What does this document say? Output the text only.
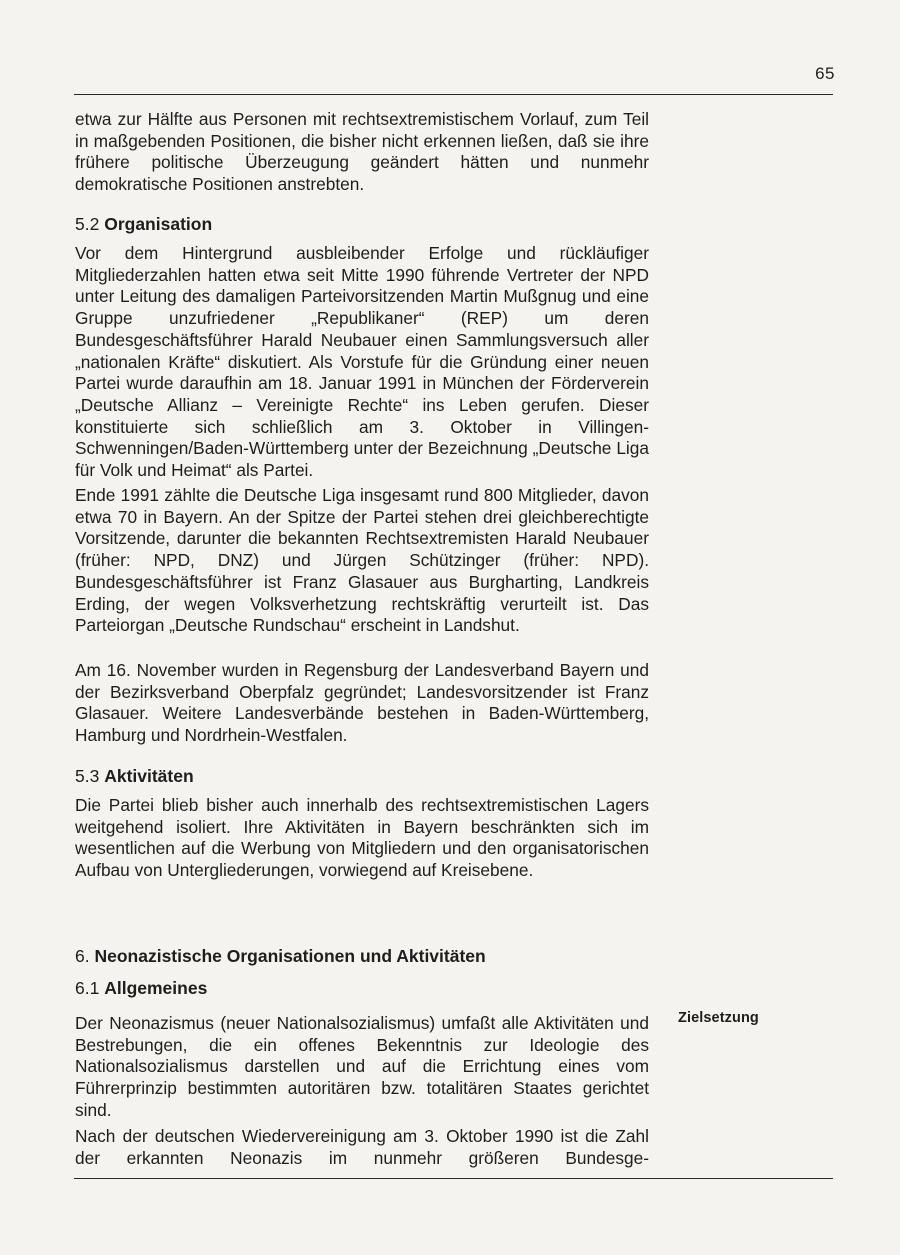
65

etwa zur Hälfte aus Personen mit rechtsextremistischem Vorlauf, zum Teil in maßgebenden Positionen, die bisher nicht erkennen ließen, daß sie ihre frühere politische Überzeugung geändert hätten und nunmehr demokratische Positionen anstrebten.

5.2 Organisation

Vor dem Hintergrund ausbleibender Erfolge und rückläufiger Mitgliederzahlen hatten etwa seit Mitte 1990 führende Vertreter der NPD unter Leitung des damaligen Parteivorsitzenden Martin Mußgnug und eine Gruppe unzufriedener „Republikaner“ (REP) um deren Bundesgeschäftsführer Harald Neubauer einen Sammlungsversuch aller „nationalen Kräfte“ diskutiert. Als Vorstufe für die Gründung einer neuen Partei wurde daraufhin am 18. Januar 1991 in München der Förderverein „Deutsche Allianz – Vereinigte Rechte“ ins Leben gerufen. Dieser konstituierte sich schließlich am 3. Oktober in Villingen-Schwenningen/Baden-Württemberg unter der Bezeichnung „Deutsche Liga für Volk und Heimat“ als Partei.

Ende 1991 zählte die Deutsche Liga insgesamt rund 800 Mitglieder, davon etwa 70 in Bayern. An der Spitze der Partei stehen drei gleichberechtigte Vorsitzende, darunter die bekannten Rechtsextremisten Harald Neubauer (früher: NPD, DNZ) und Jürgen Schützinger (früher: NPD). Bundesgeschäftsführer ist Franz Glasauer aus Burgharting, Landkreis Erding, der wegen Volksverhetzung rechtskräftig verurteilt ist. Das Parteiorgan „Deutsche Rundschau“ erscheint in Landshut.

Am 16. November wurden in Regensburg der Landesverband Bayern und der Bezirksverband Oberpfalz gegründet; Landesvorsitzender ist Franz Glasauer. Weitere Landesverbände bestehen in Baden-Württemberg, Hamburg und Nordrhein-Westfalen.

5.3 Aktivitäten

Die Partei blieb bisher auch innerhalb des rechtsextremistischen Lagers weitgehend isoliert. Ihre Aktivitäten in Bayern beschränkten sich im wesentlichen auf die Werbung von Mitgliedern und den organisatorischen Aufbau von Untergliederungen, vorwiegend auf Kreisebene.

6. Neonazistische Organisationen und Aktivitäten
6.1 Allgemeines

Der Neonazismus (neuer Nationalsozialismus) umfaßt alle Aktivitäten und Bestrebungen, die ein offenes Bekenntnis zur Ideologie des Nationalsozialismus darstellen und auf die Errichtung eines vom Führerprinzip bestimmten autoritären bzw. totalitären Staates gerichtet sind.

Nach der deutschen Wiedervereinigung am 3. Oktober 1990 ist die Zahl der erkannten Neonazis im nunmehr größeren Bundesge-

Zielsetzung
